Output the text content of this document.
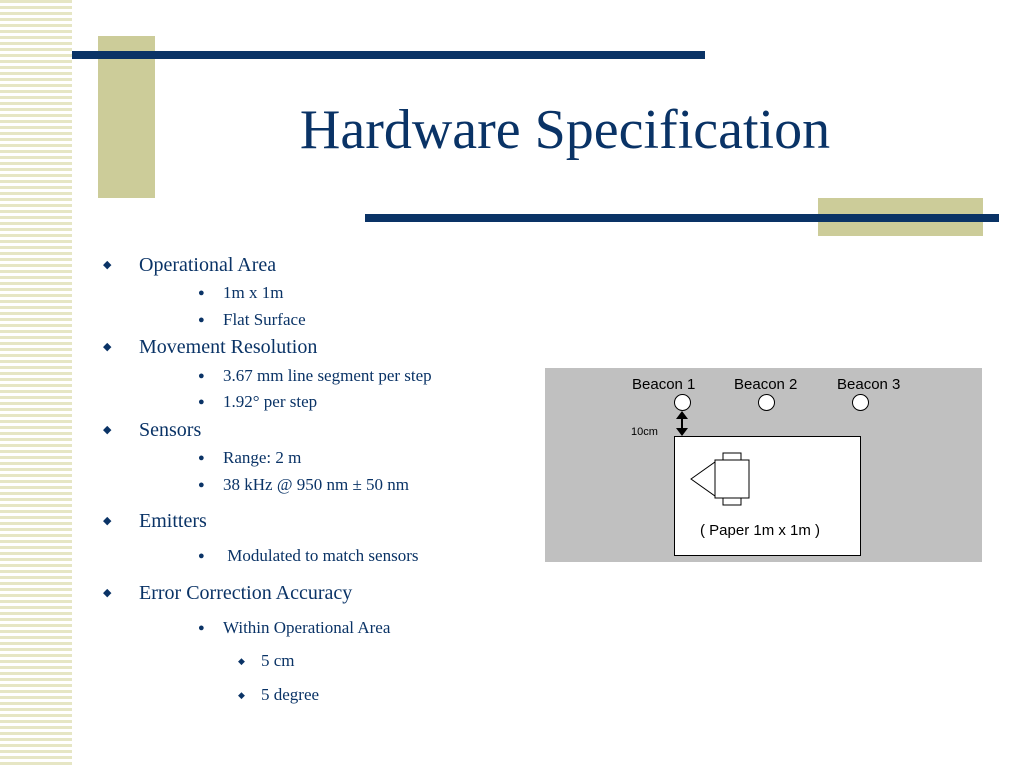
Hardware Specification
◆ Operational Area
● 1m x 1m
● Flat Surface
◆ Movement Resolution
● 3.67 mm line segment per step
● 1.92° per step
◆ Sensors
● Range: 2 m
● 38 kHz @ 950 nm ± 50 nm
◆ Emitters
● Modulated to match sensors
◆ Error Correction Accuracy
● Within Operational Area
◆ 5 cm
◆ 5 degree
Beacon 1	Beacon 2	Beacon 3
10cm
( Paper 1m x 1m )
